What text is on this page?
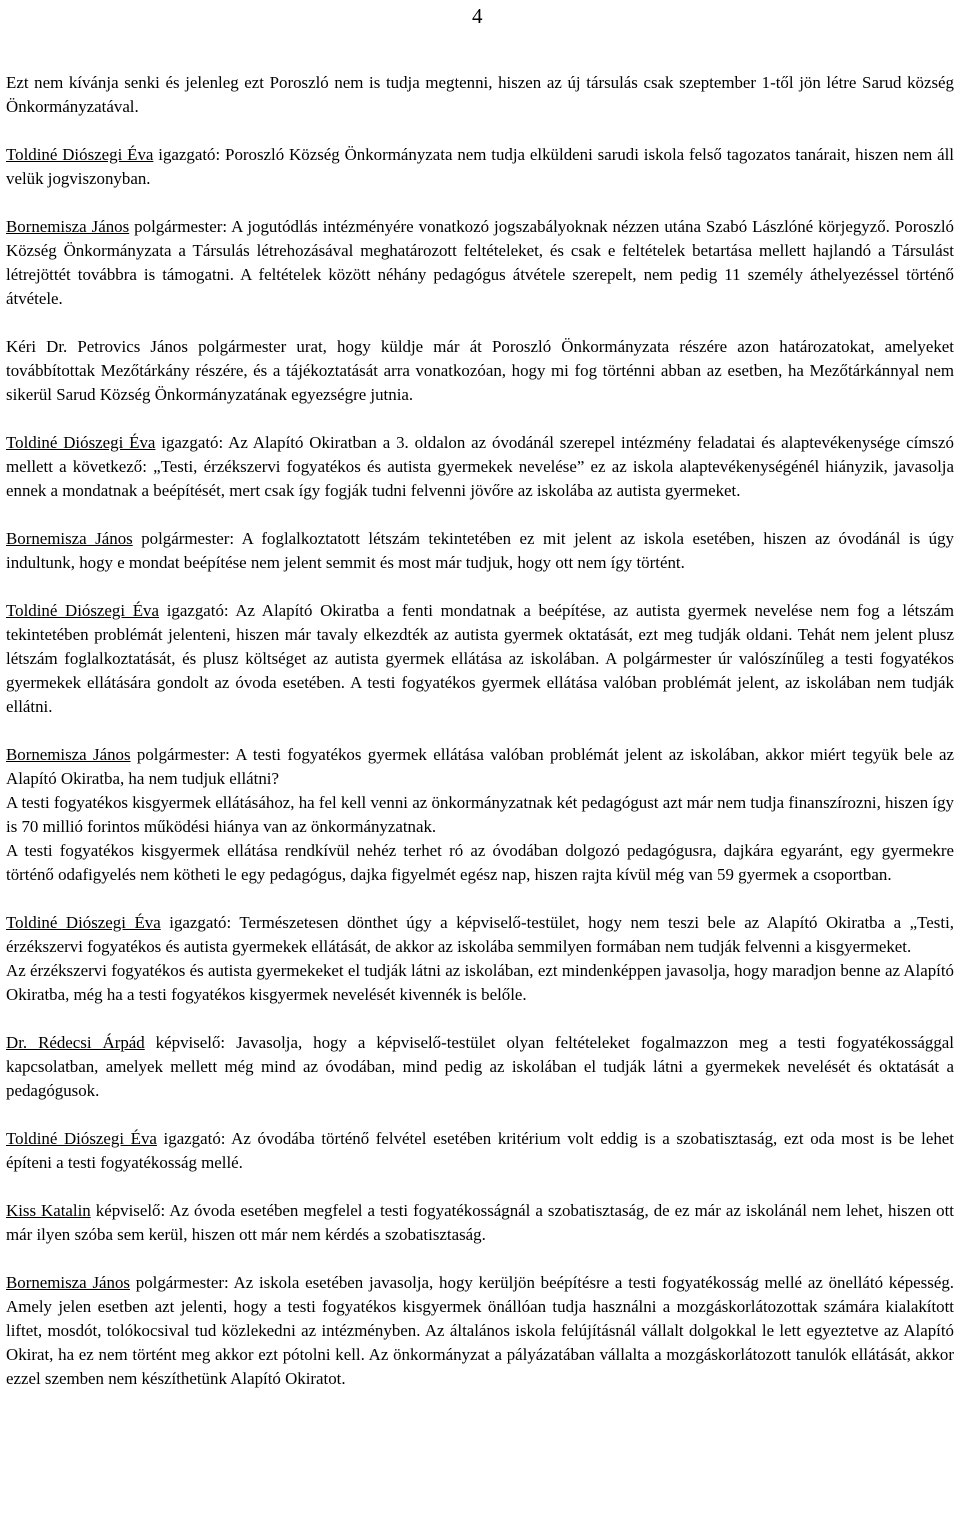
4

Ezt nem kívánja senki és jelenleg ezt Poroszló nem is tudja megtenni, hiszen az új társulás csak szeptember 1-től jön létre Sarud község Önkormányzatával.

Toldiné Diószegi Éva igazgató: Poroszló Község Önkormányzata nem tudja elküldeni sarudi iskola felső tagozatos tanárait, hiszen nem áll velük jogviszonyban.

Bornemisza János polgármester: A jogutódlás intézményére vonatkozó jogszabályoknak nézzen utána Szabó Lászlóné körjegyző. Poroszló Község Önkormányzata a Társulás létrehozásával meghatározott feltételeket, és csak e feltételek betartása mellett hajlandó a Társulást létrejöttét továbbra is támogatni. A feltételek között néhány pedagógus átvétele szerepelt, nem pedig 11 személy áthelyezéssel történő átvétele.

Kéri Dr. Petrovics János polgármester urat, hogy küldje már át Poroszló Önkormányzata részére azon határozatokat, amelyeket továbbítottak Mezőtárkány részére, és a tájékoztatását arra vonatkozóan, hogy mi fog történni abban az esetben, ha Mezőtárkánnyal nem sikerül Sarud Község Önkormányzatának egyezségre jutnia.

Toldiné Diószegi Éva igazgató: Az Alapító Okiratban a 3. oldalon az óvodánál szerepel intézmény feladatai és alaptevékenysége címszó mellett a következő: „Testi, érzékszervi fogyatékos és autista gyermekek nevelése” ez az iskola alaptevékenységénél hiányzik, javasolja ennek a mondatnak a beépítését, mert csak így fogják tudni felvenni jövőre az iskolába az autista gyermeket.

Bornemisza János polgármester: A foglalkoztatott létszám tekintetében ez mit jelent az iskola esetében, hiszen az óvodánál is úgy indultunk, hogy e mondat beépítése nem jelent semmit és most már tudjuk, hogy ott nem így történt.

Toldiné Diószegi Éva igazgató: Az Alapító Okiratba a fenti mondatnak a beépítése, az autista gyermek nevelése nem fog a létszám tekintetében problémát jelenteni, hiszen már tavaly elkezdték az autista gyermek oktatását, ezt meg tudják oldani. Tehát nem jelent plusz létszám foglalkoztatását, és plusz költséget az autista gyermek ellátása az iskolában. A polgármester úr valószínűleg a testi fogyatékos gyermekek ellátására gondolt az óvoda esetében. A testi fogyatékos gyermek ellátása valóban problémát jelent, az iskolában nem tudják ellátni.

Bornemisza János polgármester: A testi fogyatékos gyermek ellátása valóban problémát jelent az iskolában, akkor miért tegyük bele az Alapító Okiratba, ha nem tudjuk ellátni?

A testi fogyatékos kisgyermek ellátásához, ha fel kell venni az önkormányzatnak két pedagógust azt már nem tudja finanszírozni, hiszen így is 70 millió forintos működési hiánya van az önkormányzatnak.

A testi fogyatékos kisgyermek ellátása rendkívül nehéz terhet ró az óvodában dolgozó pedagógusra, dajkára egyaránt, egy gyermekre történő odafigyelés nem kötheti le egy pedagógus, dajka figyelmét egész nap, hiszen rajta kívül még van 59 gyermek a csoportban.

Toldiné Diószegi Éva igazgató: Természetesen dönthet úgy a képviselő-testület, hogy nem teszi bele az Alapító Okiratba a „Testi, érzékszervi fogyatékos és autista gyermekek ellátását, de akkor az iskolába semmilyen formában nem tudják felvenni a kisgyermeket.

Az érzékszervi fogyatékos és autista gyermekeket el tudják látni az iskolában, ezt mindenképpen javasolja, hogy maradjon benne az Alapító Okiratba, még ha a testi fogyatékos kisgyermek nevelését kivennék is belőle.

Dr. Rédecsi Árpád képviselő: Javasolja, hogy a képviselő-testület olyan feltételeket fogalmazzon meg a testi fogyatékossággal kapcsolatban, amelyek mellett még mind az óvodában, mind pedig az iskolában el tudják látni a gyermekek nevelését és oktatását a pedagógusok.

Toldiné Diószegi Éva igazgató: Az óvodába történő felvétel esetében kritérium volt eddig is a szobatisztaság, ezt oda most is be lehet építeni a testi fogyatékosság mellé.

Kiss Katalin képviselő: Az óvoda esetében megfelel a testi fogyatékosságnál a szobatisztaság, de ez már az iskolánál nem lehet, hiszen ott már ilyen szóba sem kerül, hiszen ott már nem kérdés a szobatisztaság.

Bornemisza János polgármester: Az iskola esetében javasolja, hogy kerüljön beépítésre a testi fogyatékosság mellé az önellátó képesség. Amely jelen esetben azt jelenti, hogy a testi fogyatékos kisgyermek önállóan tudja használni a mozgáskorlátozottak számára kialakított liftet, mosdót, tolókocsival tud közlekedni az intézményben. Az általános iskola felújításnál vállalt dolgokkal le lett egyeztetve az Alapító Okirat, ha ez nem történt meg akkor ezt pótolni kell. Az önkormányzat a pályázatában vállalta a mozgáskorlátozott tanulók ellátását, akkor ezzel szemben nem készíthetünk Alapító Okiratot.
